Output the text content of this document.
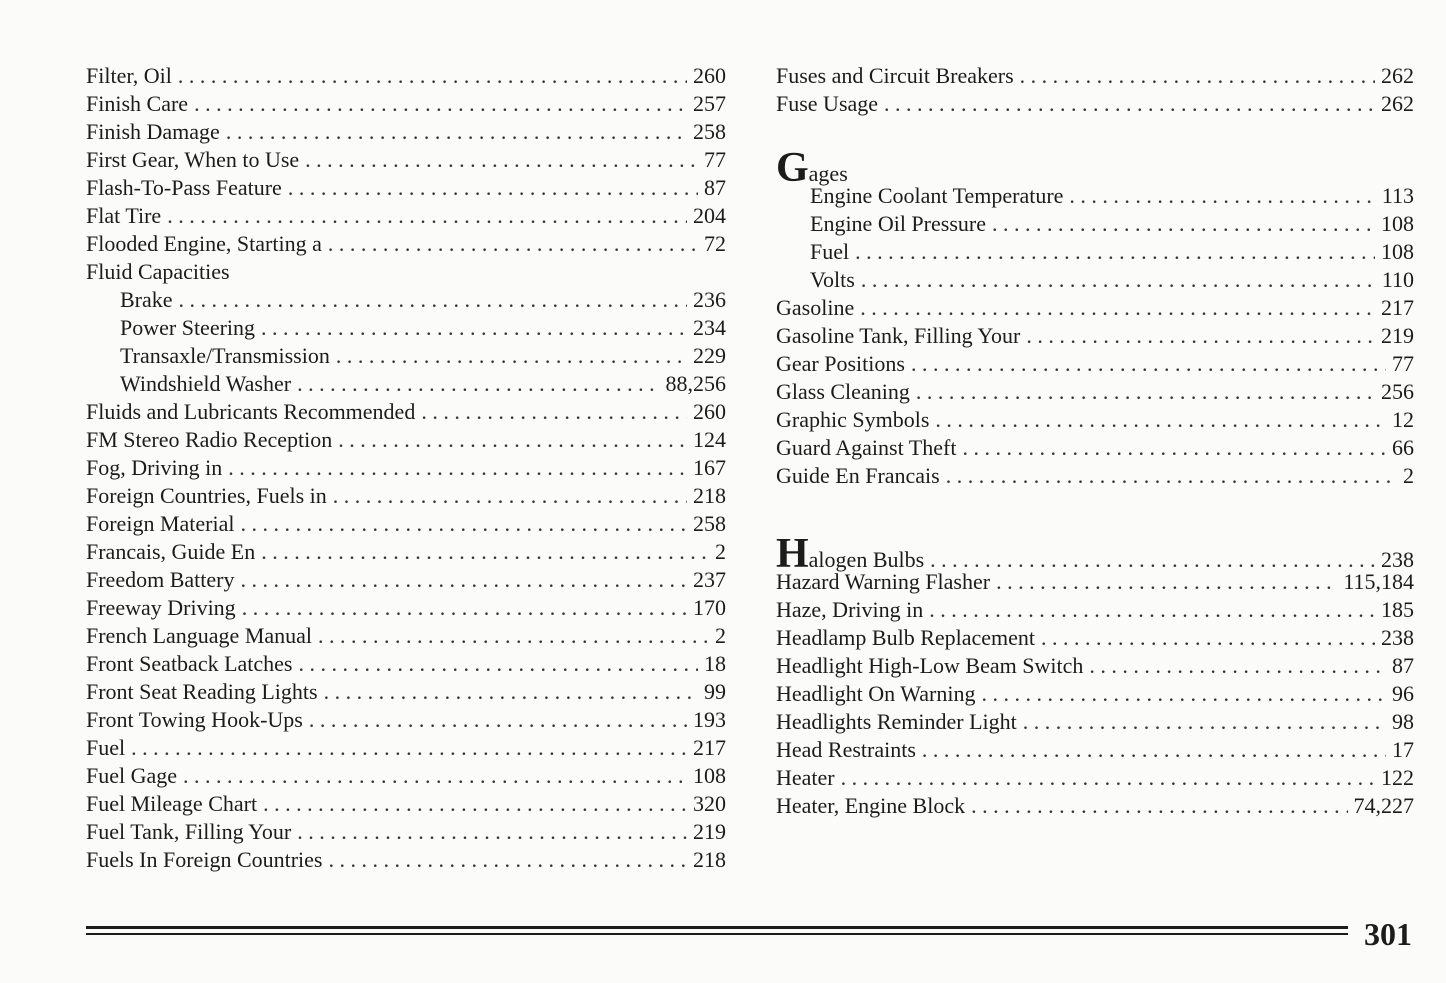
Filter, Oil . . .	260
Finish Care . . .	257
Finish Damage . . .	258
First Gear, When to Use . . .	77
Flash-To-Pass Feature . . .	87
Flat Tire . . .	204
Flooded Engine, Starting a . . .	72
Fluid Capacities
Brake . . .	236
Power Steering . . .	234
Transaxle/Transmission . . .	229
Windshield Washer . . .	88,256
Fluids and Lubricants Recommended . . .	260
FM Stereo Radio Reception . . .	124
Fog, Driving in . . .	167
Foreign Countries, Fuels in . . .	218
Foreign Material . . .	258
Francais, Guide En . . .	2
Freedom Battery . . .	237
Freeway Driving . . .	170
French Language Manual . . .	2
Front Seatback Latches . . .	18
Front Seat Reading Lights . . .	99
Front Towing Hook-Ups . . .	193
Fuel . . .	217
Fuel Gage . . .	108
Fuel Mileage Chart . . .	320
Fuel Tank, Filling Your . . .	219
Fuels In Foreign Countries . . .	218
Fuses and Circuit Breakers . . .	262
Fuse Usage . . .	262
Gages
Engine Coolant Temperature . . .	113
Engine Oil Pressure . . .	108
Fuel . . .	108
Volts . . .	110
Gasoline . . .	217
Gasoline Tank, Filling Your . . .	219
Gear Positions . . .	77
Glass Cleaning . . .	256
Graphic Symbols . . .	12
Guard Against Theft . . .	66
Guide En Francais . . .	2
Halogen Bulbs . . .	238
Hazard Warning Flasher . . .	115,184
Haze, Driving in . . .	185
Headlamp Bulb Replacement . . .	238
Headlight High-Low Beam Switch . . .	87
Headlight On Warning . . .	96
Headlights Reminder Light . . .	98
Head Restraints . . .	17
Heater . . .	122
Heater, Engine Block . . .	74,227
301
